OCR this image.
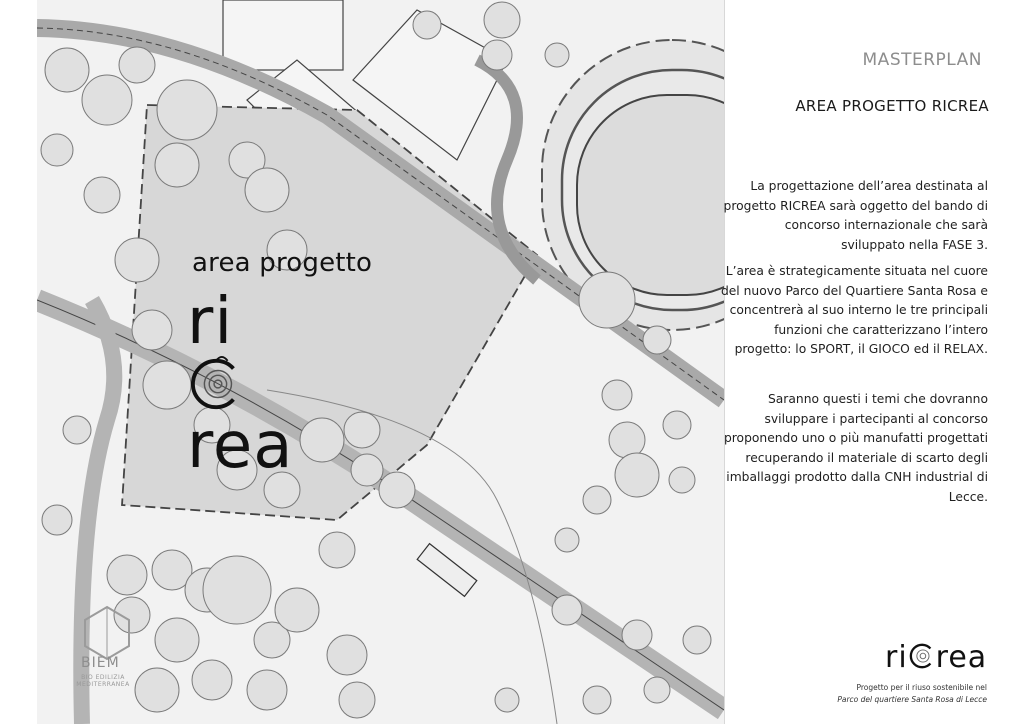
area progetto
ri
rea
BIEM
BIO EDILIZIA MEDITERRANEA
MASTERPLAN
AREA PROGETTO RICREA

La progettazione dell’area destinata al progetto RICREA sarà oggetto del bando di concorso internazionale che sarà sviluppato nella FASE 3.

L’area è strategicamente situata nel cuore del nuovo Parco del Quartiere Santa Rosa e concentrerà al suo interno le tre principali funzioni che caratterizzano l’intero progetto: lo SPORT, il GIOCO ed il RELAX.

Saranno questi i temi che dovranno sviluppare i partecipanti al concorso proponendo uno o più manufatti progettati recuperando il materiale di scarto degli imballaggi prodotto dalla CNH industrial di Lecce.

ri rea
Progetto per il riuso sostenibile nel
Parco del quartiere Santa Rosa di Lecce
